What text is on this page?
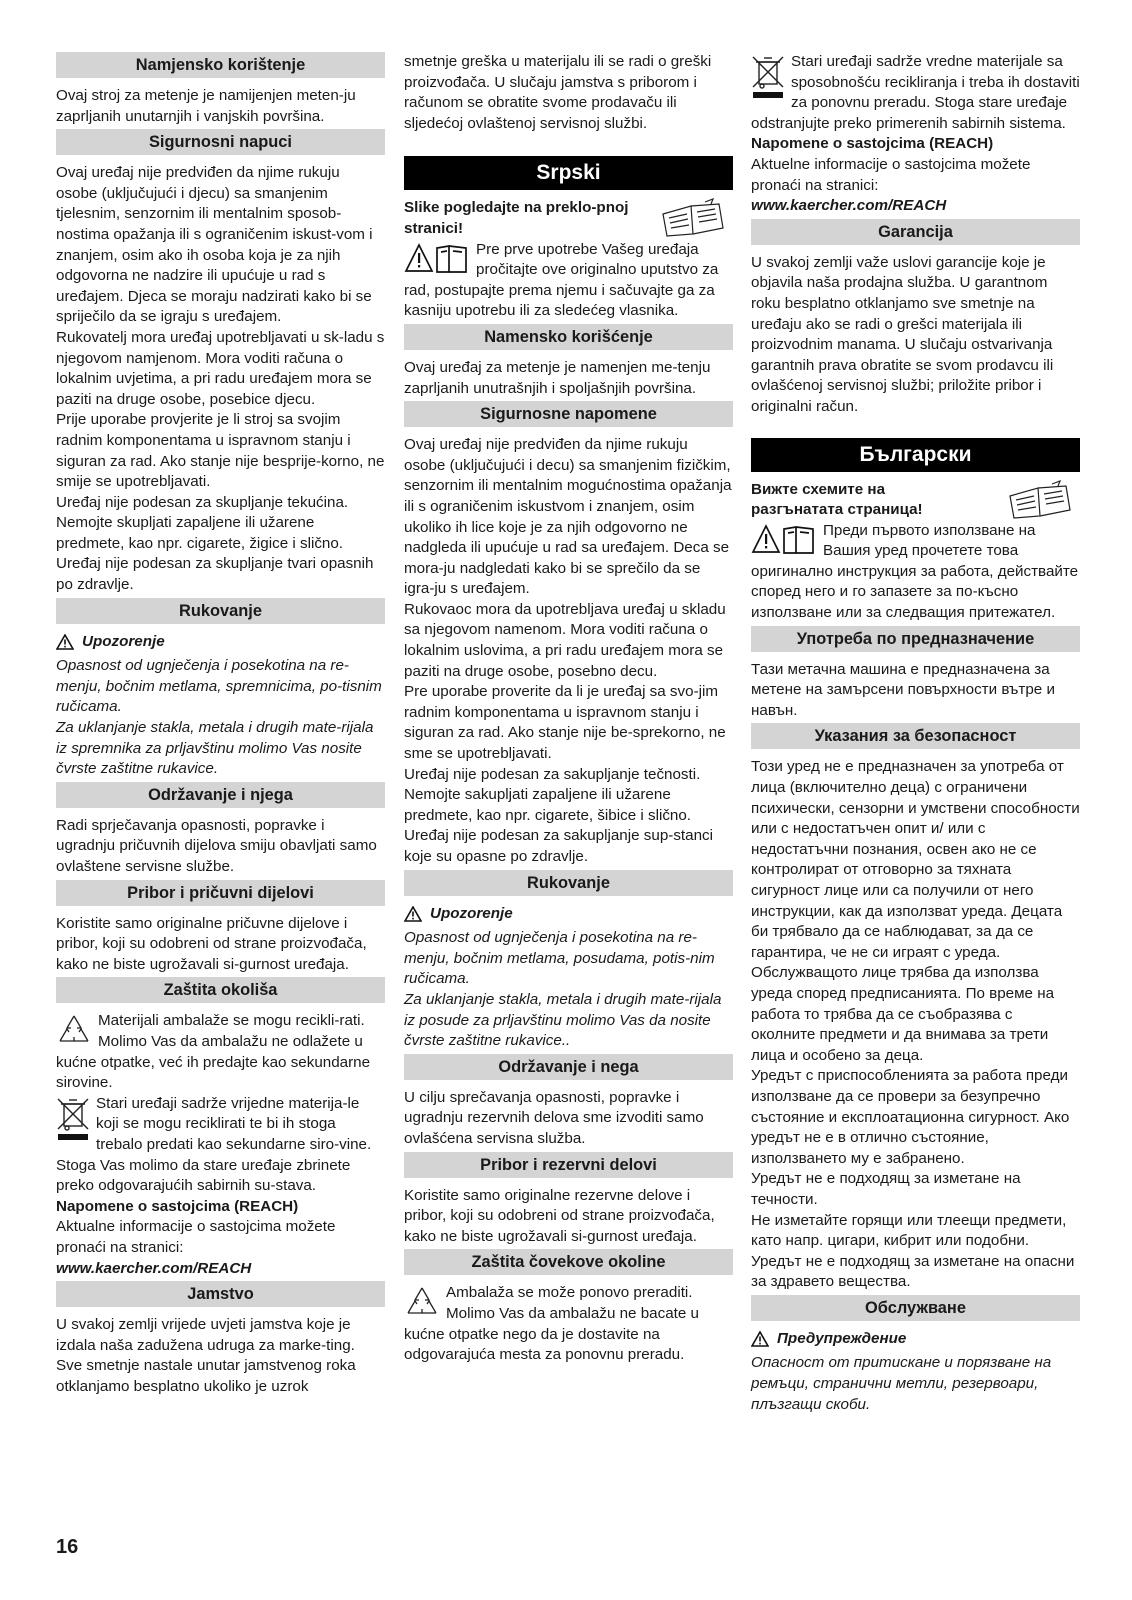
Namjensko korištenje

Ovaj stroj za metenje je namijenjen meten-ju zaprljanih unutarnjih i vanjskih površina.

Sigurnosni napuci

Ovaj uređaj nije predviđen da njime rukuju osobe (uključujući i djecu) sa smanjenim tjelesnim, senzornim ili mentalnim sposob-nostima opažanja ili s ograničenim iskust-vom i znanjem, osim ako ih osoba koja je za njih odgovorna ne nadzire ili upućuje u rad s uređajem. Djeca se moraju nadzirati kako bi se spriječilo da se igraju s uređajem.

Rukovatelj mora uređaj upotrebljavati u sk-ladu s njegovom namjenom. Mora voditi računa o lokalnim uvjetima, a pri radu uređajem mora se paziti na druge osobe, posebice djecu.

Prije uporabe provjerite je li stroj sa svojim radnim komponentama u ispravnom stanju i siguran za rad. Ako stanje nije besprije-korno, ne smije se upotrebljavati.

Uređaj nije podesan za skupljanje tekućina.

Nemojte skupljati zapaljene ili užarene predmete, kao npr. cigarete, žigice i slično.

Uređaj nije podesan za skupljanje tvari opasnih po zdravlje.

Rukovanje
Upozorenje

Opasnost od ugnječenja i posekotina na re-menju, bočnim metlama, spremnicima, po-tisnim ručicama.

Za uklanjanje stakla, metala i drugih mate-rijala iz spremnika za prljavštinu molimo Vas nosite čvrste zaštitne rukavice.

Održavanje i njega

Radi sprječavanja opasnosti, popravke i ugradnju pričuvnih dijelova smiju obavljati samo ovlaštene servisne službe.

Pribor i pričuvni dijelovi

Koristite samo originalne pričuvne dijelove i pribor, koji su odobreni od strane proizvođača, kako ne biste ugrožavali si-gurnost uređaja.

Zaštita okoliša

Materijali ambalaže se mogu recikli-rati. Molimo Vas da ambalažu ne odlažete u kućne otpatke, već ih predajte kao sekundarne sirovine.

Stari uređaji sadrže vrijedne materija-le koji se mogu reciklirati te bi ih stoga trebalo predati kao sekundarne siro-vine. Stoga Vas molimo da stare uređaje zbrinete preko odgovarajućih sabirnih su-stava.

Napomene o sastojcima (REACH)

Aktualne informacije o sastojcima možete pronaći na stranici:

www.kaercher.com/REACH

Jamstvo

U svakoj zemlji vrijede uvjeti jamstva koje je izdala naša zadužena udruga za marke-ting. Sve smetnje nastale unutar jamstvenog roka otklanjamo besplatno ukoliko je uzrok

smetnje greška u materijalu ili se radi o greški proizvođača. U slučaju jamstva s priborom i računom se obratite svome prodavaču ili sljedećoj ovlaštenoj servisnoj službi.

Srpski

Slike pogledajte na preklo-pnoj stranici!

Pre prve upotrebe Vašeg uređaja pročitajte ove originalno uputstvo za rad, postupajte prema njemu i sačuvajte ga za kasniju upotrebu ili za sledećeg vlasnika.

Namensko korišćenje

Ovaj uređaj za metenje je namenjen me-tenju zaprljanih unutrašnjih i spoljašnjih površina.

Sigurnosne napomene

Ovaj uređaj nije predviđen da njime rukuju osobe (uključujući i decu) sa smanjenim fizičkim, senzornim ili mentalnim mogućnostima opažanja ili s ograničenim iskustvom i znanjem, osim ukoliko ih lice koje je za njih odgovorno ne nadgleda ili upućuje u rad sa uređajem. Deca se mora-ju nadgledati kako bi se sprečilo da se igra-ju s uređajem.

Rukovaoc mora da upotrebljava uređaj u skladu sa njegovom namenom. Mora voditi računa o lokalnim uslovima, a pri radu uređajem mora se paziti na druge osobe, posebno decu.

Pre uporabe proverite da li je uređaj sa svo-jim radnim komponentama u ispravnom stanju i siguran za rad. Ako stanje nije be-sprekorno, ne sme se upotrebljavati.

Uređaj nije podesan za sakupljanje tečnosti.

Nemojte sakupljati zapaljene ili užarene predmete, kao npr. cigarete, šibice i slično.

Uređaj nije podesan za sakupljanje sup-stanci koje su opasne po zdravlje.

Rukovanje
Upozorenje

Opasnost od ugnječenja i posekotina na re-menju, bočnim metlama, posudama, potis-nim ručicama.

Za uklanjanje stakla, metala i drugih mate-rijala iz posude za prljavštinu molimo Vas da nosite čvrste zaštitne rukavice..

Održavanje i nega

U cilju sprečavanja opasnosti, popravke i ugradnju rezervnih delova sme izvoditi samo ovlašćena servisna služba.

Pribor i rezervni delovi

Koristite samo originalne rezervne delove i pribor, koji su odobreni od strane proizvođača, kako ne biste ugrožavali si-gurnost uređaja.

Zaštita čovekove okoline

Ambalaža se može ponovo preraditi. Molimo Vas da ambalažu ne bacate u kućne otpatke nego da je dostavite na odgovarajuća mesta za ponovnu preradu.

Stari uređaji sadrže vredne materijale sa sposobnošću recikliranja i treba ih dostaviti za ponovnu preradu. Stoga stare uređaje odstranjujte preko primerenih sabirnih sistema.

Napomene o sastojcima (REACH)

Aktuelne informacije o sastojcima možete pronaći na stranici:

www.kaercher.com/REACH

Garancija

U svakoj zemlji važe uslovi garancije koje je objavila naša prodajna služba. U garantnom roku besplatno otklanjamo sve smetnje na uređaju ako se radi o grešci materijala ili proizvodnim manama. U slučaju ostvarivanja garantnih prava obratite se svom prodavcu ili ovlašćenoj servisnoj službi; priložite pribor i originalni račun.

Български

Вижте схемите на разгънатата страница!

Преди първото използване на Вашия уред прочетете това оригинално инструкция за работа, действайте според него и го запазете за по-късно използване или за следващия притежател.

Употреба по предназначение

Тази метачна машина е предназначена за метене на замърсени повърхности вътре и навън.

Указания за безопасност

Този уред не е предназначен за употреба от лица (включително деца) с ограничени психически, сензорни и умствени способности или с недостатъчен опит и/ или с недостатъчни познания, освен ако не се контролират от отговорно за тяхната сигурност лице или са получили от него инструкции, как да използват уреда. Децата би трябвало да се наблюдават, за да се гарантира, че не си играят с уреда.

Обслужващото лице трябва да използва уреда според предписанията. По време на работа то трябва да се съобразява с околните предмети и да внимава за трети лица и особено за деца.

Уредът с приспособленията за работа преди използване да се провери за безупречно състояние и експлоатационна сигурност. Ако уредът не е в отлично състояние, използването му е забранено.

Уредът не е подходящ за изметане на течности.

Не изметайте горящи или тлеещи предмети, като напр. цигари, кибрит или подобни.

Уредът не е подходящ за изметане на опасни за здравето вещества.

Обслужване
Предупреждение

Опасност от притискане и порязване на ремъци, странични метли, резервоари, плъзгащи скоби.

16
